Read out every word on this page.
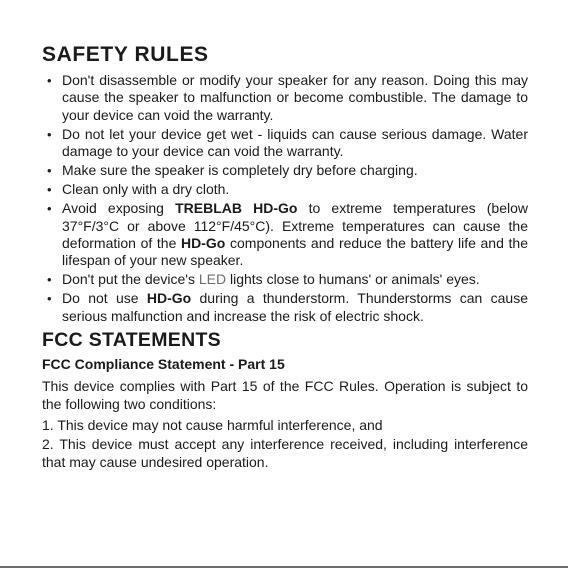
SAFETY RULES
• Don't disassemble or modify your speaker for any reason. Doing this may cause the speaker to malfunction or become combustible. The damage to your device can void the warranty.
• Do not let your device get wet - liquids can cause serious damage. Water damage to your device can void the warranty.
• Make sure the speaker is completely dry before charging.
• Clean only with a dry cloth.
• Avoid exposing TREBLAB HD-Go to extreme temperatures (below 37°F/3°C or above 112°F/45°C). Extreme temperatures can cause the deformation of the HD-Go components and reduce the battery life and the lifespan of your new speaker.
• Don't put the device's LED lights close to humans' or animals' eyes.
• Do not use HD-Go during a thunderstorm. Thunderstorms can cause serious malfunction and increase the risk of electric shock.
FCC STATEMENTS
FCC Compliance Statement - Part 15

This device complies with Part 15 of the FCC Rules. Operation is subject to the following two conditions:

1. This device may not cause harmful interference, and

2. This device must accept any interference received, including interference that may cause undesired operation.
